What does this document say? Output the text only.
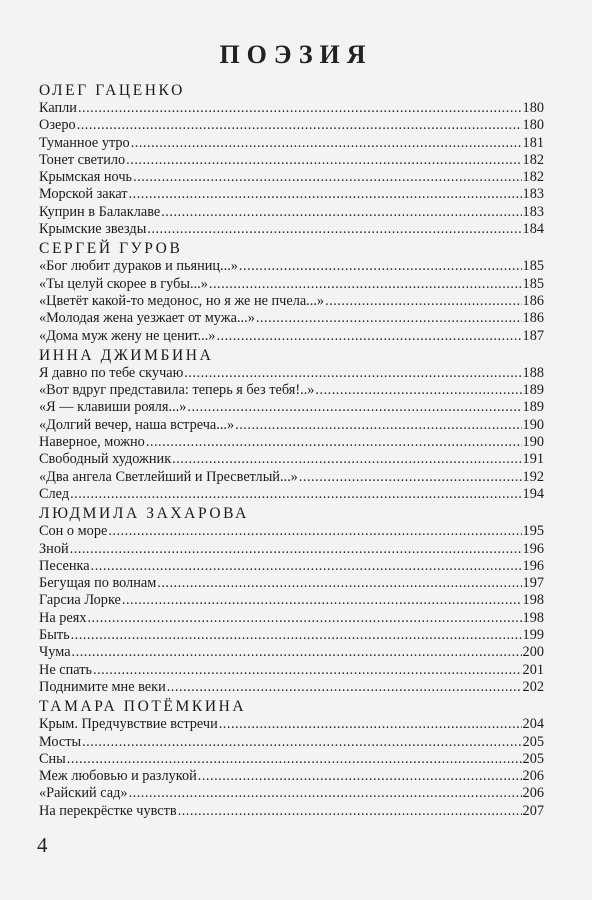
ПОЭЗИЯ
ОЛЕГ ГАЦЕНКО
Капли .....	180
Озеро .....	180
Туманное утро .....	181
Тонет светило .....	182
Крымская ночь .....	182
Морской закат .....	183
Куприн в Балаклаве .....	183
Крымские звезды .....	184
СЕРГЕЙ ГУРОВ
«Бог любит дураков и пьяниц...» .....	185
«Ты целуй скорее в губы...» .....	185
«Цветёт какой-то медонос, но я же не пчела...» .....	186
«Молодая жена уезжает от мужа...» .....	186
«Дома муж жену не ценит...» .....	187
ИННА ДЖИМБИНА
Я давно по тебе скучаю .....	188
«Вот вдруг представила: теперь я без тебя!..» .....	189
«Я — клавиши рояля...» .....	189
«Долгий вечер, наша встреча...» .....	190
Наверное, можно .....	190
Свободный художник .....	191
«Два ангела Светлейший и Пресветлый...» .....	192
След .....	194
ЛЮДМИЛА ЗАХАРОВА
Сон о море .....	195
Зной .....	196
Песенка .....	196
Бегущая по волнам .....	197
Гарсиа Лорке .....	198
На реях .....	198
Быть .....	199
Чума .....	200
Не спать .....	201
Поднимите мне веки .....	202
ТАМАРА ПОТЁМКИНА
Крым. Предчувствие встречи .....	204
Мосты .....	205
Сны .....	205
Меж любовью и разлукой .....	206
«Райский сад» .....	206
На перекрёстке чувств .....	207
4
